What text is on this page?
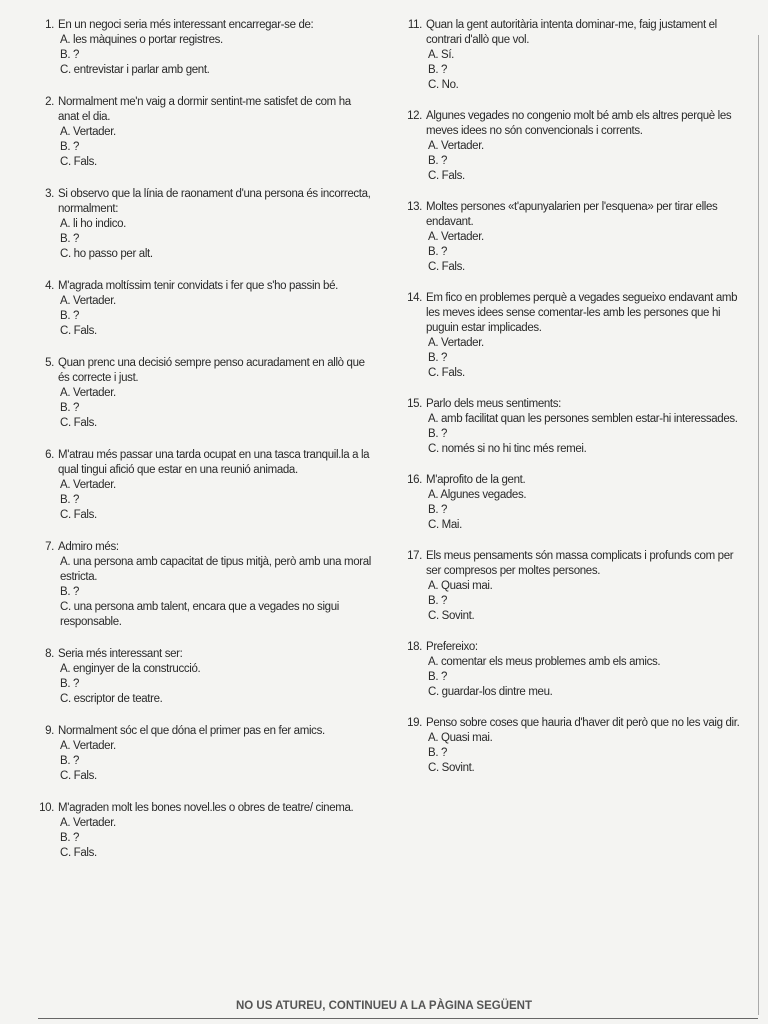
1. En un negoci seria més interessant encarregar-se de:
A. les màquines o portar registres.
B. ?
C. entrevistar i parlar amb gent.
2. Normalment me'n vaig a dormir sentint-me satisfet de com ha anat el dia.
A. Vertader.
B. ?
C. Fals.
3. Si observo que la línia de raonament d'una persona és incorrecta, normalment:
A. li ho indico.
B. ?
C. ho passo per alt.
4. M'agrada moltíssim tenir convidats i fer que s'ho passin bé.
A. Vertader.
B. ?
C. Fals.
5. Quan prenc una decisió sempre penso acuradament en allò que és correcte i just.
A. Vertader.
B. ?
C. Fals.
6. M'atrau més passar una tarda ocupat en una tasca tranquil.la a la qual tingui afició que estar en una reunió animada.
A. Vertader.
B. ?
C. Fals.
7. Admiro més:
A. una persona amb capacitat de tipus mitjà, però amb una moral estricta.
B. ?
C. una persona amb talent, encara que a vegades no sigui responsable.
8. Seria més interessant ser:
A. enginyer de la construcció.
B. ?
C. escriptor de teatre.
9. Normalment sóc el que dóna el primer pas en fer amics.
A. Vertader.
B. ?
C. Fals.
10. M'agraden molt les bones novel.les o obres de teatre/ cinema.
A. Vertader.
B. ?
C. Fals.
11. Quan la gent autoritària intenta dominar-me, faig justament el contrari d'allò que vol.
A. Sí.
B. ?
C. No.
12. Algunes vegades no congenio molt bé amb els altres perquè les meves idees no són convencionals i corrents.
A. Vertader.
B. ?
C. Fals.
13. Moltes persones «t'apunyalarien per l'esquena» per tirar elles endavant.
A. Vertader.
B. ?
C. Fals.
14. Em fico en problemes perquè a vegades segueixo endavant amb les meves idees sense comentar-les amb les persones que hi puguin estar implicades.
A. Vertader.
B. ?
C. Fals.
15. Parlo dels meus sentiments:
A. amb facilitat quan les persones semblen estar-hi interessades.
B. ?
C. només si no hi tinc més remei.
16. M'aprofito de la gent.
A. Algunes vegades.
B. ?
C. Mai.
17. Els meus pensaments són massa complicats i profunds com per ser compresos per moltes persones.
A. Quasi mai.
B. ?
C. Sovint.
18. Prefereixo:
A. comentar els meus problemes amb els amics.
B. ?
C. guardar-los dintre meu.
19. Penso sobre coses que hauria d'haver dit però que no les vaig dir.
A. Quasi mai.
B. ?
C. Sovint.
NO US ATUREU, CONTINUEU A LA PÀGINA SEGÜENT
